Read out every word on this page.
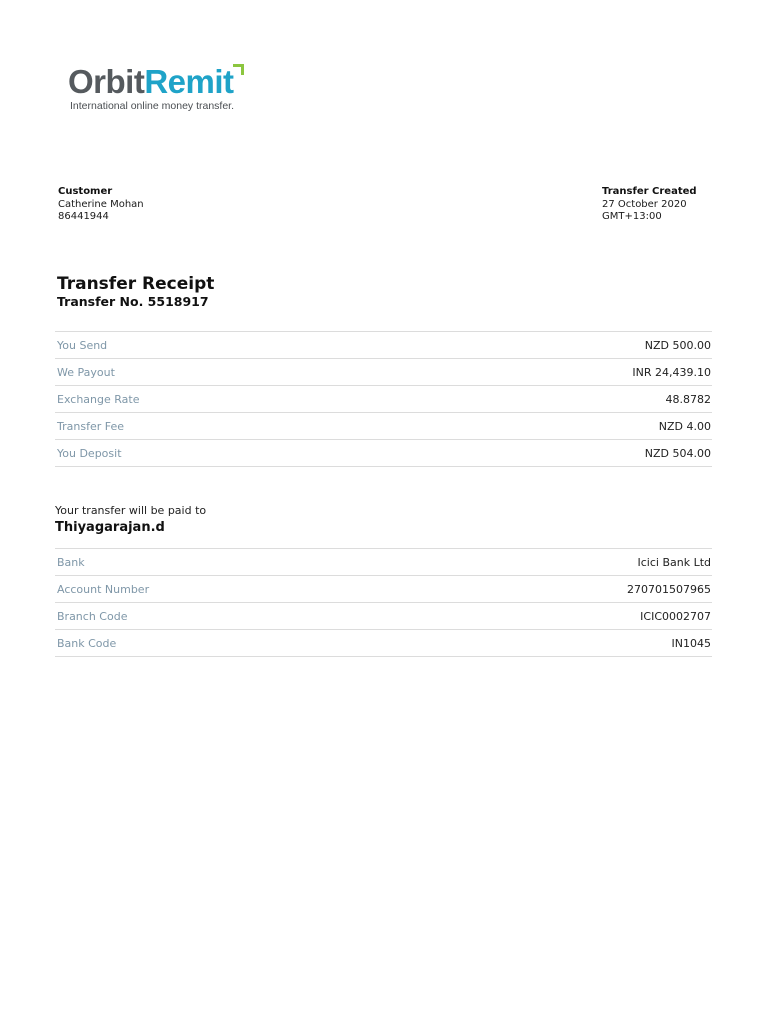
OrbitRemit
International online money transfer.
Customer
Catherine Mohan
86441944
Transfer Created
27 October 2020
GMT+13:00
Transfer Receipt
Transfer No. 5518917
You Send	NZD 500.00
We Payout	INR 24,439.10
Exchange Rate	48.8782
Transfer Fee	NZD 4.00
You Deposit	NZD 504.00
Your transfer will be paid to
Thiyagarajan.d
Bank	Icici Bank Ltd
Account Number	270701507965
Branch Code	ICIC0002707
Bank Code	IN1045
